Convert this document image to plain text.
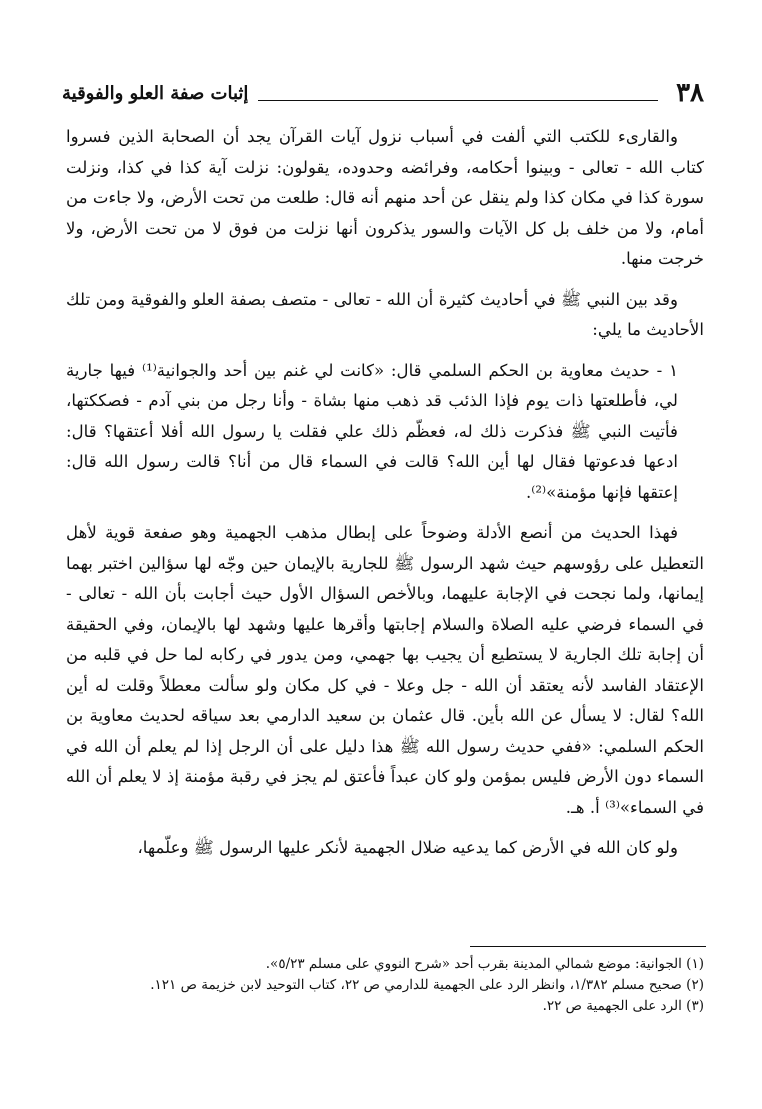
٣٨
إثبات صفة العلو والفوقية

والقارىء للكتب التي ألفت في أسباب نزول آيات القرآن يجد أن الصحابة الذين فسروا كتاب الله - تعالى - وبينوا أحكامه، وفرائضه وحدوده، يقولون: نزلت آية كذا في كذا، ونزلت سورة كذا في مكان كذا ولم ينقل عن أحد منهم أنه قال: طلعت من تحت الأرض، ولا جاءت من أمام، ولا من خلف بل كل الآيات والسور يذكرون أنها نزلت من فوق لا من تحت الأرض، ولا خرجت منها.

وقد بين النبي ﷺ في أحاديث كثيرة أن الله - تعالى - متصف بصفة العلو والفوقية ومن تلك الأحاديث ما يلي:

١ - حديث معاوية بن الحكم السلمي قال: «كانت لي غنم بين أحد والجوانية⁽¹⁾ فيها جارية لي، فأطلعتها ذات يوم فإذا الذئب قد ذهب منها بشاة - وأنا رجل من بني آدم - فصككتها، فأتيت النبي ﷺ فذكرت ذلك له، فعظّم ذلك علي فقلت يا رسول الله أفلا أعتقها؟ قال: ادعها فدعوتها فقال لها أين الله؟ قالت في السماء قال من أنا؟ قالت رسول الله قال: إعتقها فإنها مؤمنة»⁽²⁾.

فهذا الحديث من أنصع الأدلة وضوحاً على إبطال مذهب الجهمية وهو صفعة قوية لأهل التعطيل على رؤوسهم حيث شهد الرسول ﷺ للجارية بالإيمان حين وجّه لها سؤالين اختبر بهما إيمانها، ولما نجحت في الإجابة عليهما، وبالأخص السؤال الأول حيث أجابت بأن الله - تعالى - في السماء فرضي عليه الصلاة والسلام إجابتها وأقرها عليها وشهد لها بالإيمان، وفي الحقيقة أن إجابة تلك الجارية لا يستطيع أن يجيب بها جهمي، ومن يدور في ركابه لما حل في قلبه من الإعتقاد الفاسد لأنه يعتقد أن الله - جل وعلا - في كل مكان ولو سألت معطلاً وقلت له أين الله؟ لقال: لا يسأل عن الله بأين. قال عثمان بن سعيد الدارمي بعد سياقه لحديث معاوية بن الحكم السلمي: «ففي حديث رسول الله ﷺ هذا دليل على أن الرجل إذا لم يعلم أن الله في السماء دون الأرض فليس بمؤمن ولو كان عبداً فأعتق لم يجز في رقبة مؤمنة إذ لا يعلم أن الله في السماء»⁽³⁾ أ. هـ.

ولو كان الله في الأرض كما يدعيه ضلال الجهمية لأنكر عليها الرسول ﷺ وعلّمها،

(١) الجوانية: موضع شمالي المدينة بقرب أحد «شرح النووي على مسلم ٥/٢٣».
(٢) صحيح مسلم ١/٣٨٢، وانظر الرد على الجهمية للدارمي ص ٢٢، كتاب التوحيد لابن خزيمة ص ١٢١.
(٣) الرد على الجهمية ص ٢٢.
